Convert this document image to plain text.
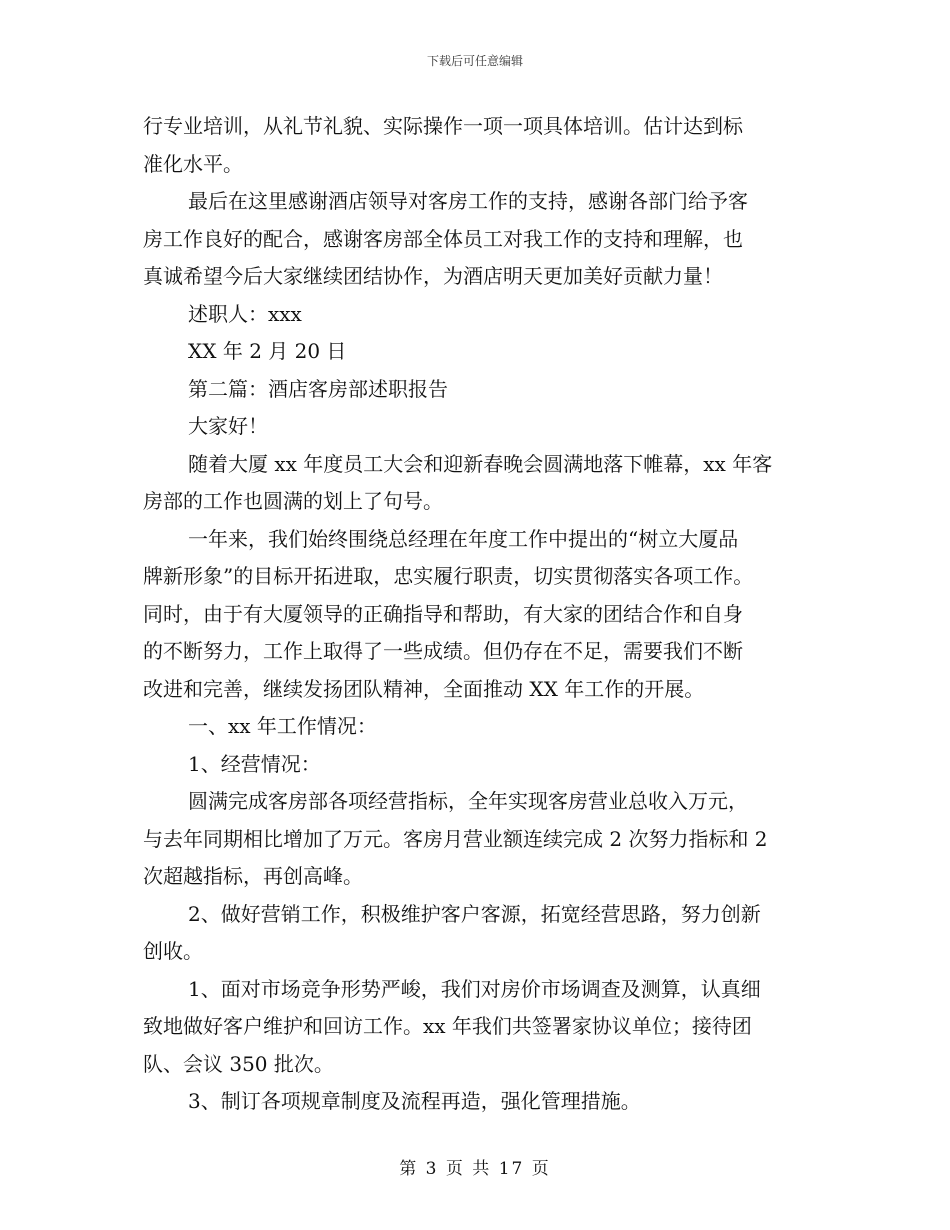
下载后可任意编辑
行专业培训，从礼节礼貌、实际操作一项一项具体培训。估计达到标
准化水平。
最后在这里感谢酒店领导对客房工作的支持，感谢各部门给予客
房工作良好的配合，感谢客房部全体员工对我工作的支持和理解，也
真诚希望今后大家继续团结协作，为酒店明天更加美好贡献力量！
述职人：xxx
XX 年 2 月 20 日
第二篇：酒店客房部述职报告
大家好！
随着大厦 xx 年度员工大会和迎新春晚会圆满地落下帷幕，xx 年客
房部的工作也圆满的划上了句号。
一年来，我们始终围绕总经理在年度工作中提出的“树立大厦品
牌新形象”的目标开拓进取，忠实履行职责，切实贯彻落实各项工作。
同时，由于有大厦领导的正确指导和帮助，有大家的团结合作和自身
的不断努力，工作上取得了一些成绩。但仍存在不足，需要我们不断
改进和完善，继续发扬团队精神，全面推动 XX 年工作的开展。
一、xx 年工作情况：
1、经营情况：
圆满完成客房部各项经营指标，全年实现客房营业总收入万元，
与去年同期相比增加了万元。客房月营业额连续完成 2 次努力指标和 2
次超越指标，再创高峰。
2、做好营销工作，积极维护客户客源，拓宽经营思路，努力创新
创收。
1、面对市场竞争形势严峻，我们对房价市场调查及测算，认真细
致地做好客户维护和回访工作。xx 年我们共签署家协议单位；接待团
队、会议 350 批次。
3、制订各项规章制度及流程再造，强化管理措施。
第 3 页 共 17 页
